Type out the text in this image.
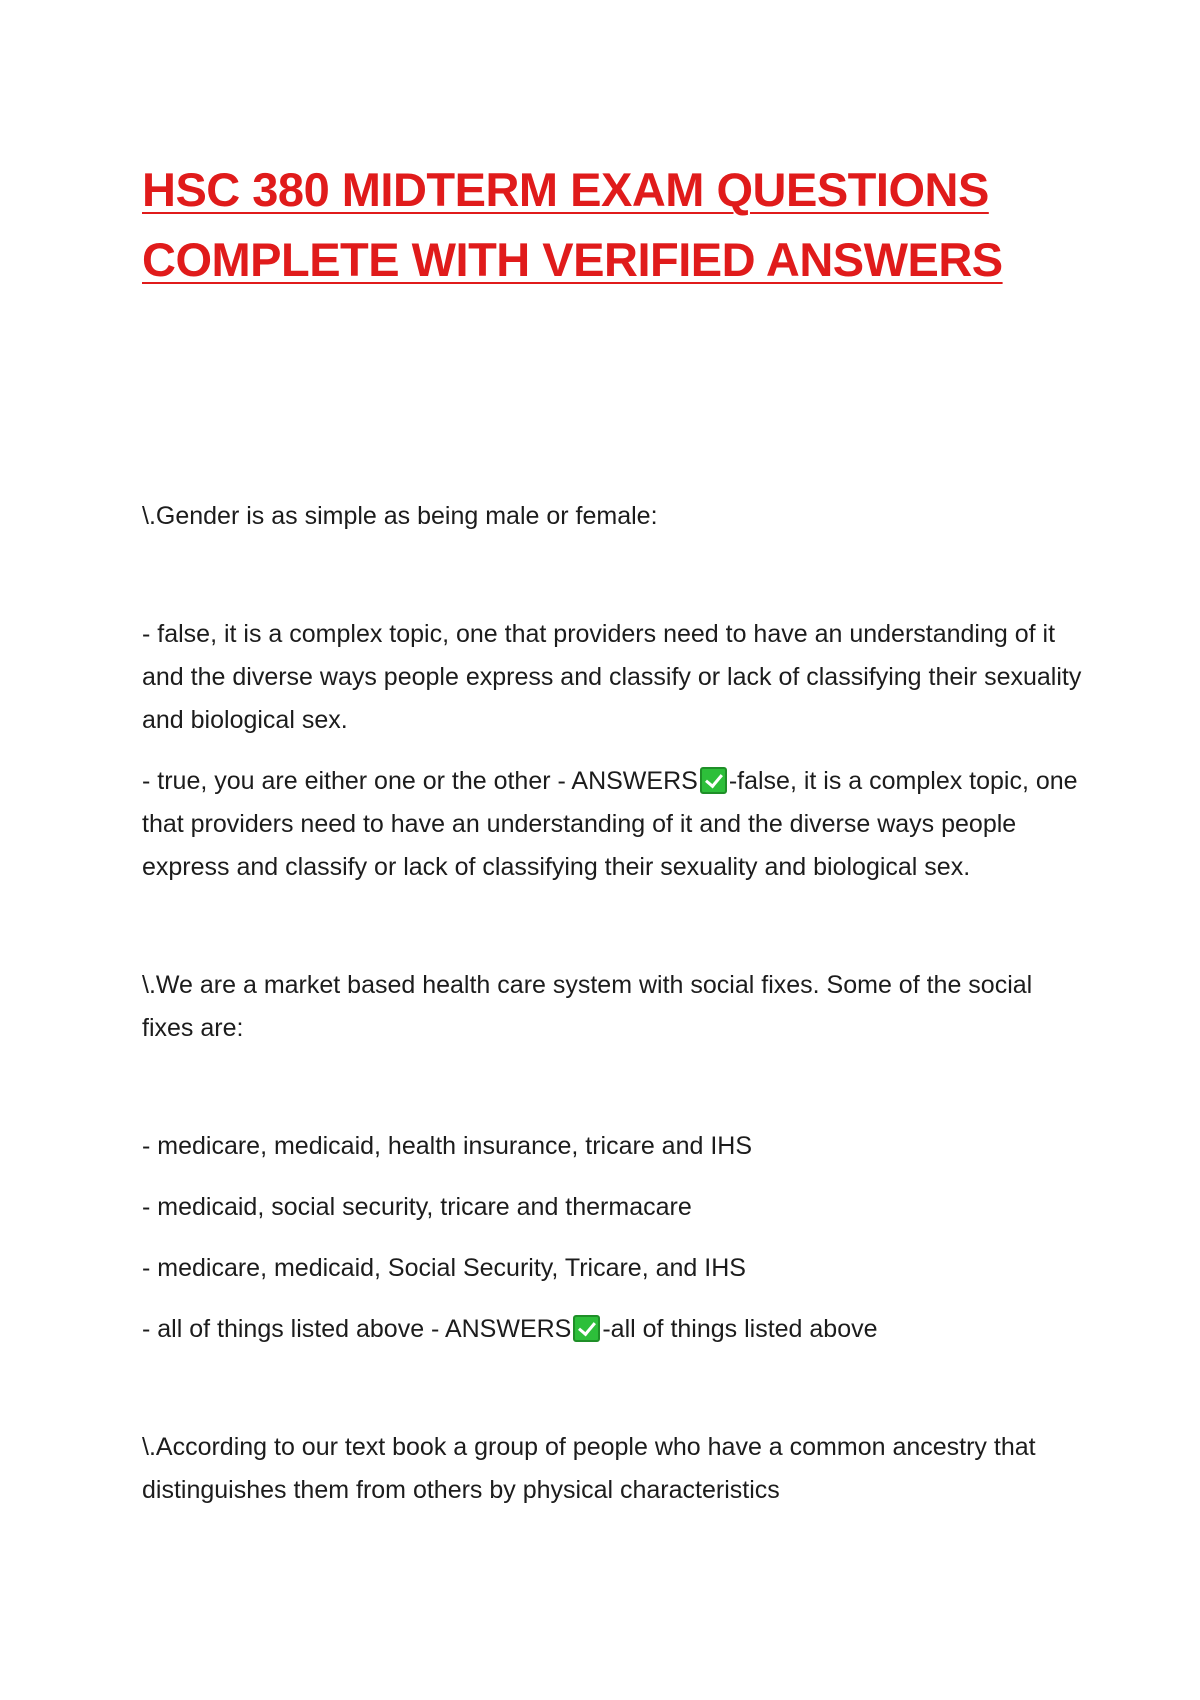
HSC 380 MIDTERM EXAM QUESTIONS
COMPLETE WITH VERIFIED ANSWERS

\.Gender is as simple as being male or female:

- false, it is a complex topic, one that providers need to have an understanding of it and the diverse ways people express and classify or lack of classifying their sexuality and biological sex.

- true, you are either one or the other - ANSWERS -false, it is a complex topic, one that providers need to have an understanding of it and the diverse ways people express and classify or lack of classifying their sexuality and biological sex.

\.We are a market based health care system with social fixes. Some of the social fixes are:

- medicare, medicaid, health insurance, tricare and IHS

- medicaid, social security, tricare and thermacare

- medicare, medicaid, Social Security, Tricare, and IHS

- all of things listed above - ANSWERS -all of things listed above

\.According to our text book a group of people who have a common ancestry that distinguishes them from others by physical characteristics
